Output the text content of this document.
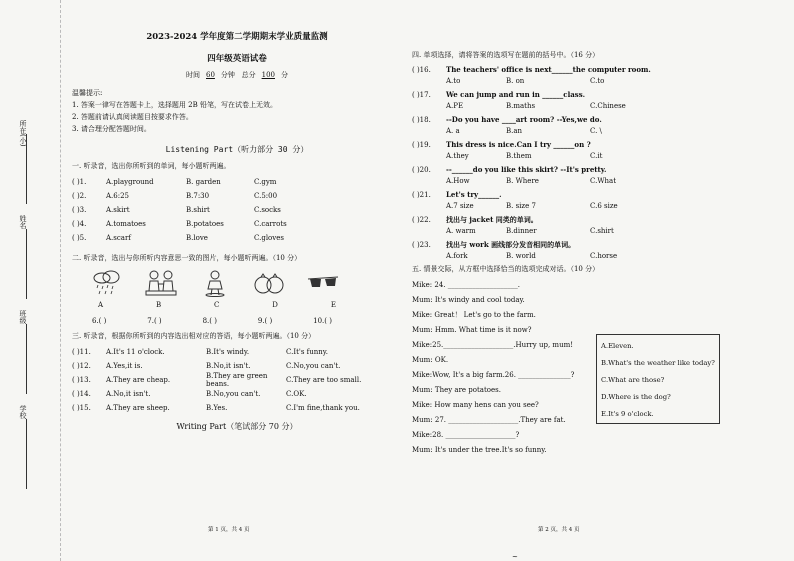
所在(小)
姓名
班级
学校
2023-2024 学年度第二学期期末学业质量监测
四年级英语试卷
时间 60 分钟 总分 100 分

温馨提示:

1. 答案一律写在答题卡上，选择题用 2B 铅笔，写在试卷上无效。

2. 答题前请认真阅读题目按要求作答。

3. 请合理分配答题时间。

Listening Part（听力部分 30 分）
一. 听录音，选出你所听到的单词，每小题听两遍。
( )1.	A.playground	B. garden	C.gym
( )2.	A.6:25	B.7:30	C.5:00
( )3.	A.skirt	B.shirt	C.socks
( )4.	A.tomatoes	B.potatoes	C.carrots
( )5.	A.scarf	B.love	C.gloves
二. 听录音，选出与你所听内容意思一致的图片，每小题听两遍。（10 分）
A	B	C	D	E
6.( )	7.( )	8.( )	9.( )	10.( )
三. 听录音，根据你所听到的内容选出相对应的答语，每小题听两遍。（10 分）
( )11.	A.It's 11 o'clock.	B.It's windy.	C.It's funny.
( )12.	A.Yes,it is.	B.No,it isn't.	C.No,you can't.
( )13.	A.They are cheap.	B.They are green beans.	C.They are too small.
( )14.	A.No,it isn't.	B.No,you can't.	C.OK.
( )15.	A.They are sheep.	B.Yes.	C.I'm fine,thank you.
Writing Part（笔试部分 70 分）
四. 单项选择，请将答案的选项写在题前的括号中。（16 分）
( )16.	The teachers' office is next______the computer room.
A.to	B. on	C.to
( )17.	We can jump and run in ______class.
A.PE	B.maths	C.Chinese
( )18.	--Do you have ____art room? --Yes,we do.
A. a	B.an	C. \
( )19.	This dress is nice.Can I try ______on ?
A.they	B.them	C.it
( )20.	--______do you like this skirt? --It's pretty.
A.How	B. Where	C.What
( )21.	Let's try______.
A.7 size	B. size 7	C.6 size
( )22.	找出与 jacket 同类的单词。
A. warm	B.dinner	C.shirt
( )23.	找出与 work 画线部分发音相同的单词。
A.fork	B. world	C.horse
五. 情景交际，从方框中选择恰当的选项完成对话。（10 分）

Mike: 24. ____________________.

Mum: It's windy and cool today.

Mike: Great！ Let's go to the farm.

Mum: Hmm. What time is it now?

Mike:25.____________________.Hurry up, mum!

Mum: OK.

Mike:Wow, It's a big farm.26. _______________?

Mum: They are potatoes.

Mike: How many hens can you see?

Mum: 27. ____________________.They are fat.

Mike:28. ____________________?

Mum: It's under the tree.It's so funny.

A.Eleven.

B.What's the weather like today?

C.What are those?

D.Where is the dog?

E.It's 9 o'clock.

第 1 页，共 4 页	第 2 页，共 4 页
~
